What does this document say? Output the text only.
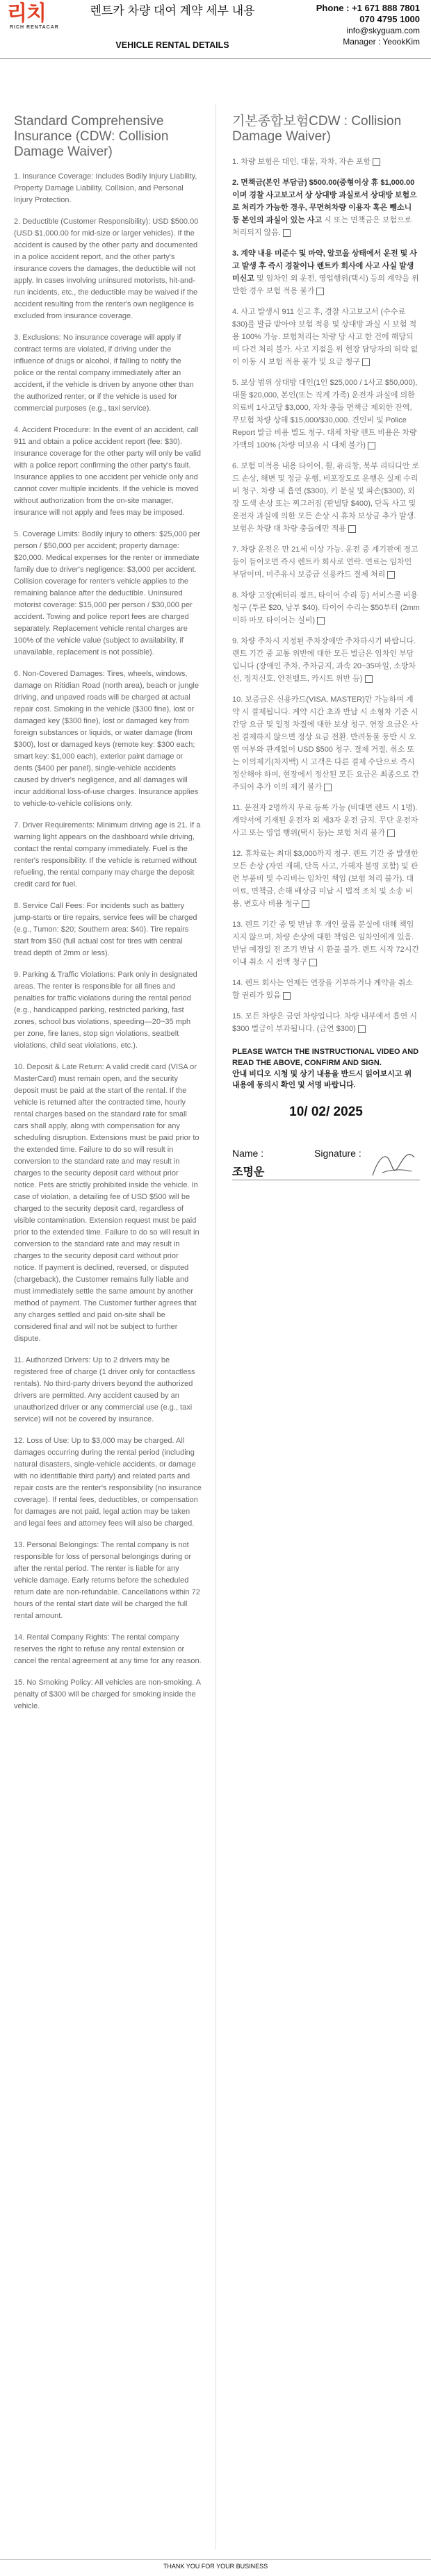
리치
RICH RENTACAR
렌트카 차량 대여 계약 세부 내용
VEHICLE RENTAL DETAILS
Phone : +1 671 888 7801
070 4795 1000
info@skyguam.com
Manager : YeookKim
Standard Comprehensive Insurance (CDW: Collision Damage Waiver)

1. Insurance Coverage: Includes Bodily Injury Liability, Property Damage Liability, Collision, and Personal Injury Protection.

2. Deductible (Customer Responsibility): USD $500.00 (USD $1,000.00 for mid-size or larger vehicles). If the accident is caused by the other party and documented in a police accident report, and the other party's insurance covers the damages, the deductible will not apply. In cases involving uninsured motorists, hit-and-run incidents, etc., the deductible may be waived if the accident resulting from the renter's own negligence is excluded from insurance coverage.

3. Exclusions: No insurance coverage will apply if contract terms are violated, if driving under the influence of drugs or alcohol, if falling to notify the police or the rental company immediately after an accident, if the vehicle is driven by anyone other than the authorized renter, or if the vehicle is used for commercial purposes (e.g., taxi service).

4. Accident Procedure: In the event of an accident, call 911 and obtain a police accident report (fee: $30). Insurance coverage for the other party will only be valid with a police report confirming the other party's fault. Insurance applies to one accident per vehicle only and cannot cover multiple incidents. If the vehicle is moved without authorization from the on-site manager, insurance will not apply and fees may be imposed.

5. Coverage Limits: Bodily injury to others: $25,000 per person / $50,000 per accident; property damage: $20,000. Medical expenses for the renter or immediate family due to driver's negligence: $3,000 per accident. Collision coverage for renter's vehicle applies to the remaining balance after the deductible. Uninsured motorist coverage: $15,000 per person / $30,000 per accident. Towing and police report fees are charged separately. Replacement vehicle rental charges are 100% of the vehicle value (subject to availability, if unavailable, replacement is not possible).

6. Non-Covered Damages: Tires, wheels, windows, damage on Ritidian Road (north area), beach or jungle driving, and unpaved roads will be charged at actual repair cost. Smoking in the vehicle ($300 fine), lost or damaged key ($300 fine), lost or damaged key from foreign substances or liquids, or water damage (from $300), lost or damaged keys (remote key: $300 each; smart key: $1,000 each), exterior paint damage or dents ($400 per panel), single-vehicle accidents caused by driver's negligence, and all damages will incur additional loss-of-use charges. Insurance applies to vehicle-to-vehicle collisions only.

7. Driver Requirements: Minimum driving age is 21. If a warning light appears on the dashboard while driving, contact the rental company immediately. Fuel is the renter's responsibility. If the vehicle is returned without refueling, the rental company may charge the deposit credit card for fuel.

8. Service Call Fees: For incidents such as battery jump-starts or tire repairs, service fees will be charged (e.g., Tumon: $20; Southern area: $40). Tire repairs start from $50 (full actual cost for tires with central tread depth of 2mm or less).

9. Parking & Traffic Violations: Park only in designated areas. The renter is responsible for all fines and penalties for traffic violations during the rental period (e.g., handicapped parking, restricted parking, fast zones, school bus violations, speeding—20~35 mph per zone, fire lanes, stop sign violations, seatbelt violations, child seat violations, etc.).

10. Deposit & Late Return: A valid credit card (VISA or MasterCard) must remain open, and the security deposit must be paid at the start of the rental. If the vehicle is returned after the contracted time, hourly rental charges based on the standard rate for small cars shall apply, along with compensation for any scheduling disruption. Extensions must be paid prior to the extended time. Failure to do so will result in conversion to the standard rate and may result in charges to the security deposit card without prior notice. Pets are strictly prohibited inside the vehicle. In case of violation, a detailing fee of USD $500 will be charged to the security deposit card, regardless of visible contamination. Extension request must be paid prior to the extended time. Failure to do so will result in conversion to the standard rate and may result in charges to the security deposit card without prior notice. If payment is declined, reversed, or disputed (chargeback), the Customer remains fully liable and must immediately settle the same amount by another method of payment. The Customer further agrees that any charges settled and paid on-site shall be considered final and will not be subject to further dispute.

11. Authorized Drivers: Up to 2 drivers may be registered free of charge (1 driver only for contactless rentals). No third-party drivers beyond the authorized drivers are permitted. Any accident caused by an unauthorized driver or any commercial use (e.g., taxi service) will not be covered by insurance.

12. Loss of Use: Up to $3,000 may be charged. All damages occurring during the rental period (including natural disasters, single-vehicle accidents, or damage with no identifiable third party) and related parts and repair costs are the renter's responsibility (no insurance coverage). If rental fees, deductibles, or compensation for damages are not paid, legal action may be taken and legal fees and attorney fees will also be charged.

13. Personal Belongings: The rental company is not responsible for loss of personal belongings during or after the rental period. The renter is liable for any vehicle damage. Early returns before the scheduled return date are non-refundable. Cancellations within 72 hours of the rental start date will be charged the full rental amount.

14. Rental Company Rights: The rental company reserves the right to refuse any rental extension or cancel the rental agreement at any time for any reason.

15. No Smoking Policy: All vehicles are non-smoking. A penalty of $300 will be charged for smoking inside the vehicle.

기본종합보험CDW : Collision Damage Waiver)

1. 차량 보험은 대인, 대물, 자차, 자손 포함

2. 면책금(본인 부담금) $500.00(중형이상 휴 $1,000.00이며 경찰 사고보고서 상 상대방 과실로서 상대방 보험으로 처리가 가능한 경우, 무면허차량 이용자 혹은 뺑소니 등 본인의 과실이 있는 사고 시 또는 면책금은 보험으로 처리되지 않음.

3. 계약 내용 미준수 및 마약, 알코올 상태에서 운전 및 사고 발생 후 즉시 경찰이나 렌트카 회사에 사고 사실 발생 미신고 및 임차인 외 운전, 영업행위(택시) 등의 계약을 위반한 경우 보험 적용 불가

4. 사고 발생시 911 신고 후, 경찰 사고보고서 (수수료 $30)를 발급 받아야 보험 적용 및 상대방 과실 시 보험 적용 100% 가능. 보험처리는 차량 당 사고 한 건에 해당되며 다건 처리 불가. 사고 지점을 위 현장 담당자의 허락 없이 이동 시 보험 적용 불가 및 요금 청구

5. 보상 범위 상대방 대인(1인 $25,000 / 1사고 $50,000), 대물 $20,000, 본인(또는 직계 가족) 운전자 과실에 의한 의료비 1사고당 $3,000, 자차 충돌 면책금 제외한 잔액, 무보험 차량 상해 $15,000/$30,000. 견인비 및 Police Report 발급 비용 별도 청구. 대체 차량 렌트 비용은 차량가액의 100% (차량 미보유 시 대체 불가)

6. 보험 미적용 내용 타이어, 휠, 유리창, 북부 리티디안 로드 손상, 해변 및 정글 운행, 비포장도로 운행은 실제 수리비 청구. 차량 내 흡연 ($300), 키 분실 및 파손($300), 외장 도색 손상 또는 찌그러짐 (판넬당 $400), 단독 사고 및 운전자 과실에 의한 모든 손상 시 휴차 보상금 추가 발생. 보험은 차량 대 차량 충돌에만 적용

7. 차량 운전은 만 21세 이상 가능. 운전 중 계기판에 경고등이 들어오면 즉시 렌트카 회사로 연락. 연료는 임차인 부담이며, 미주유시 보증금 신용카드 결제 처리

8. 차량 고장(배터리 점프, 타이어 수리 등) 서비스콜 비용 청구 (투몬 $20, 남부 $40). 타이어 수리는 $50부터 (2mm 이하 마모 타이어는 실비)

9. 차량 주차시 지정된 주차장에만 주차하시기 바랍니다. 렌트 기간 중 교통 위반에 대한 모든 벌금은 임차인 부담입니다 (장애인 주차, 주차금지, 과속 20~35마일, 소방차선, 정지신호, 안전벨트, 카시트 위반 등)

10. 보증금은 신용카드(VISA, MASTER)만 가능하며 계약 시 결제됩니다. 계약 시간 초과 반납 시 소형차 기준 시간당 요금 및 일정 차질에 대한 보상 청구. 연장 요금은 사전 결제하지 않으면 정상 요금 전환. 반려동물 동반 시 오염 여부와 관계없이 USD $500 청구. 결제 거절, 취소 또는 이의제기(차지백) 시 고객은 다른 결제 수단으로 즉시 정산해야 하며, 현장에서 정산된 모든 요금은 최종으로 간주되어 추가 이의 제기 불가

11. 운전자 2명까지 무료 등록 가능 (비대면 렌트 시 1명). 계약서에 기재된 운전자 외 제3자 운전 금지. 무단 운전자 사고 또는 영업 행위(택시 등)는 보험 처리 불가

12. 휴차료는 최대 $3,000까지 청구. 렌트 기간 중 발생한 모든 손상 (자연 재해, 단독 사고, 가해자 불명 포함) 및 관련 부품비 및 수리비는 임차인 책임 (보험 처리 불가). 대여료, 면책금, 손해 배상금 미납 시 법적 조치 및 소송 비용, 변호사 비용 청구

13. 렌트 기간 중 및 반납 후 개인 물품 분실에 대해 책임지지 않으며, 차량 손상에 대한 책임은 임차인에게 있음. 반납 예정일 전 조기 반납 시 환불 불가. 렌트 시작 72시간 이내 취소 시 전액 청구

14. 렌트 회사는 언제든 연장을 거부하거나 계약을 취소할 권리가 있음

15. 모든 차량은 금연 차량입니다. 차량 내부에서 흡연 시 $300 벌금이 부과됩니다. (금연 $300)

PLEASE WATCH THE INSTRUCTIONAL VIDEO AND READ THE ABOVE, CONFIRM AND SIGN.
안내 비디오 시청 및 상기 내용을 반드시 읽어보시고 위 내용에 동의시 확인 및 서명 바랍니다.
10/ 02/ 2025
Name :	Signature :
조명운
THANK YOU FOR YOUR BUSINESS
